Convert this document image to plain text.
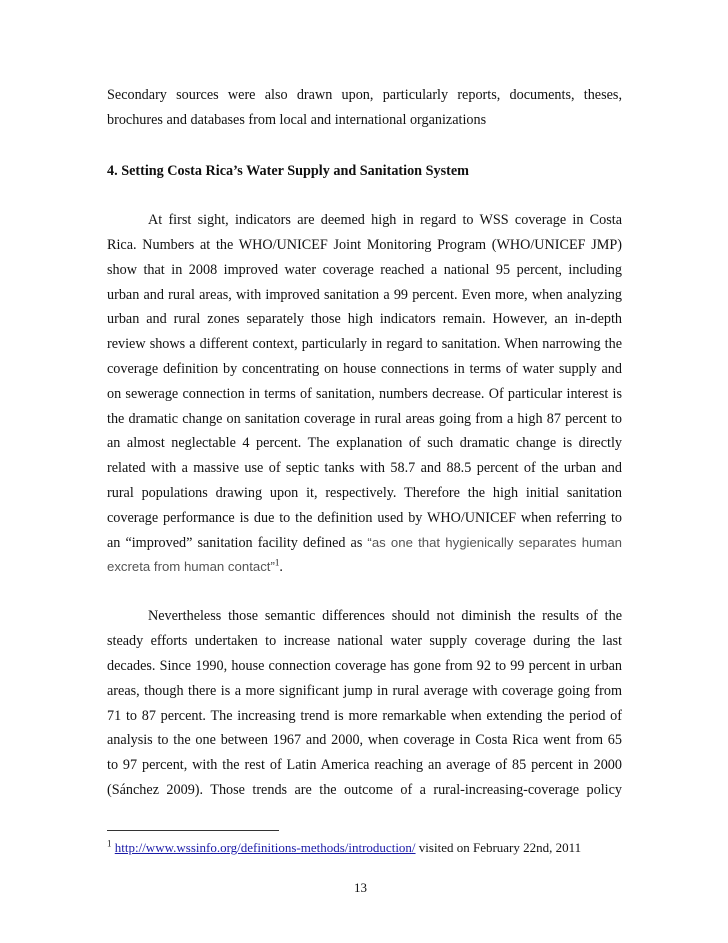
Secondary sources were also drawn upon, particularly reports, documents, theses,
brochures and databases from local and international organizations
4. Setting Costa Rica’s Water Supply and Sanitation System
At first sight, indicators are deemed high in regard to WSS coverage in Costa
Rica. Numbers at the WHO/UNICEF Joint Monitoring Program (WHO/UNICEF JMP)
show that in 2008 improved water coverage reached a national 95 percent, including
urban and rural areas, with improved sanitation a 99 percent. Even more, when analyzing
urban and rural zones separately those high indicators remain. However, an in-depth
review shows a different context, particularly in regard to sanitation. When narrowing the
coverage definition by concentrating on house connections in terms of water supply and
on sewerage connection in terms of sanitation, numbers decrease. Of particular interest is
the dramatic change on sanitation coverage in rural areas going from a high 87 percent to
an almost neglectable 4 percent. The explanation of such dramatic change is directly
related with a massive use of septic tanks with 58.7 and 88.5 percent of the urban and
rural populations drawing upon it, respectively. Therefore the high initial sanitation
coverage performance is due to the definition used by WHO/UNICEF when referring to
an “improved” sanitation facility defined as “as one that hygienically separates human
excreta from human contact”$^1$.
Nevertheless those semantic differences should not diminish the results of the
steady efforts undertaken to increase national water supply coverage during the last
decades. Since 1990, house connection coverage has gone from 92 to 99 percent in urban
areas, though there is a more significant jump in rural average with coverage going from
71 to 87 percent. The increasing trend is more remarkable when extending the period of
analysis to the one between 1967 and 2000, when coverage in Costa Rica went from 65
to 97 percent, with the rest of Latin America reaching an average of 85 percent in 2000
(Sánchez 2009). Those trends are the outcome of a rural-increasing-coverage policy
$^1$ http://www.wssinfo.org/definitions-methods/introduction/ visited on February 22nd, 2011
13
